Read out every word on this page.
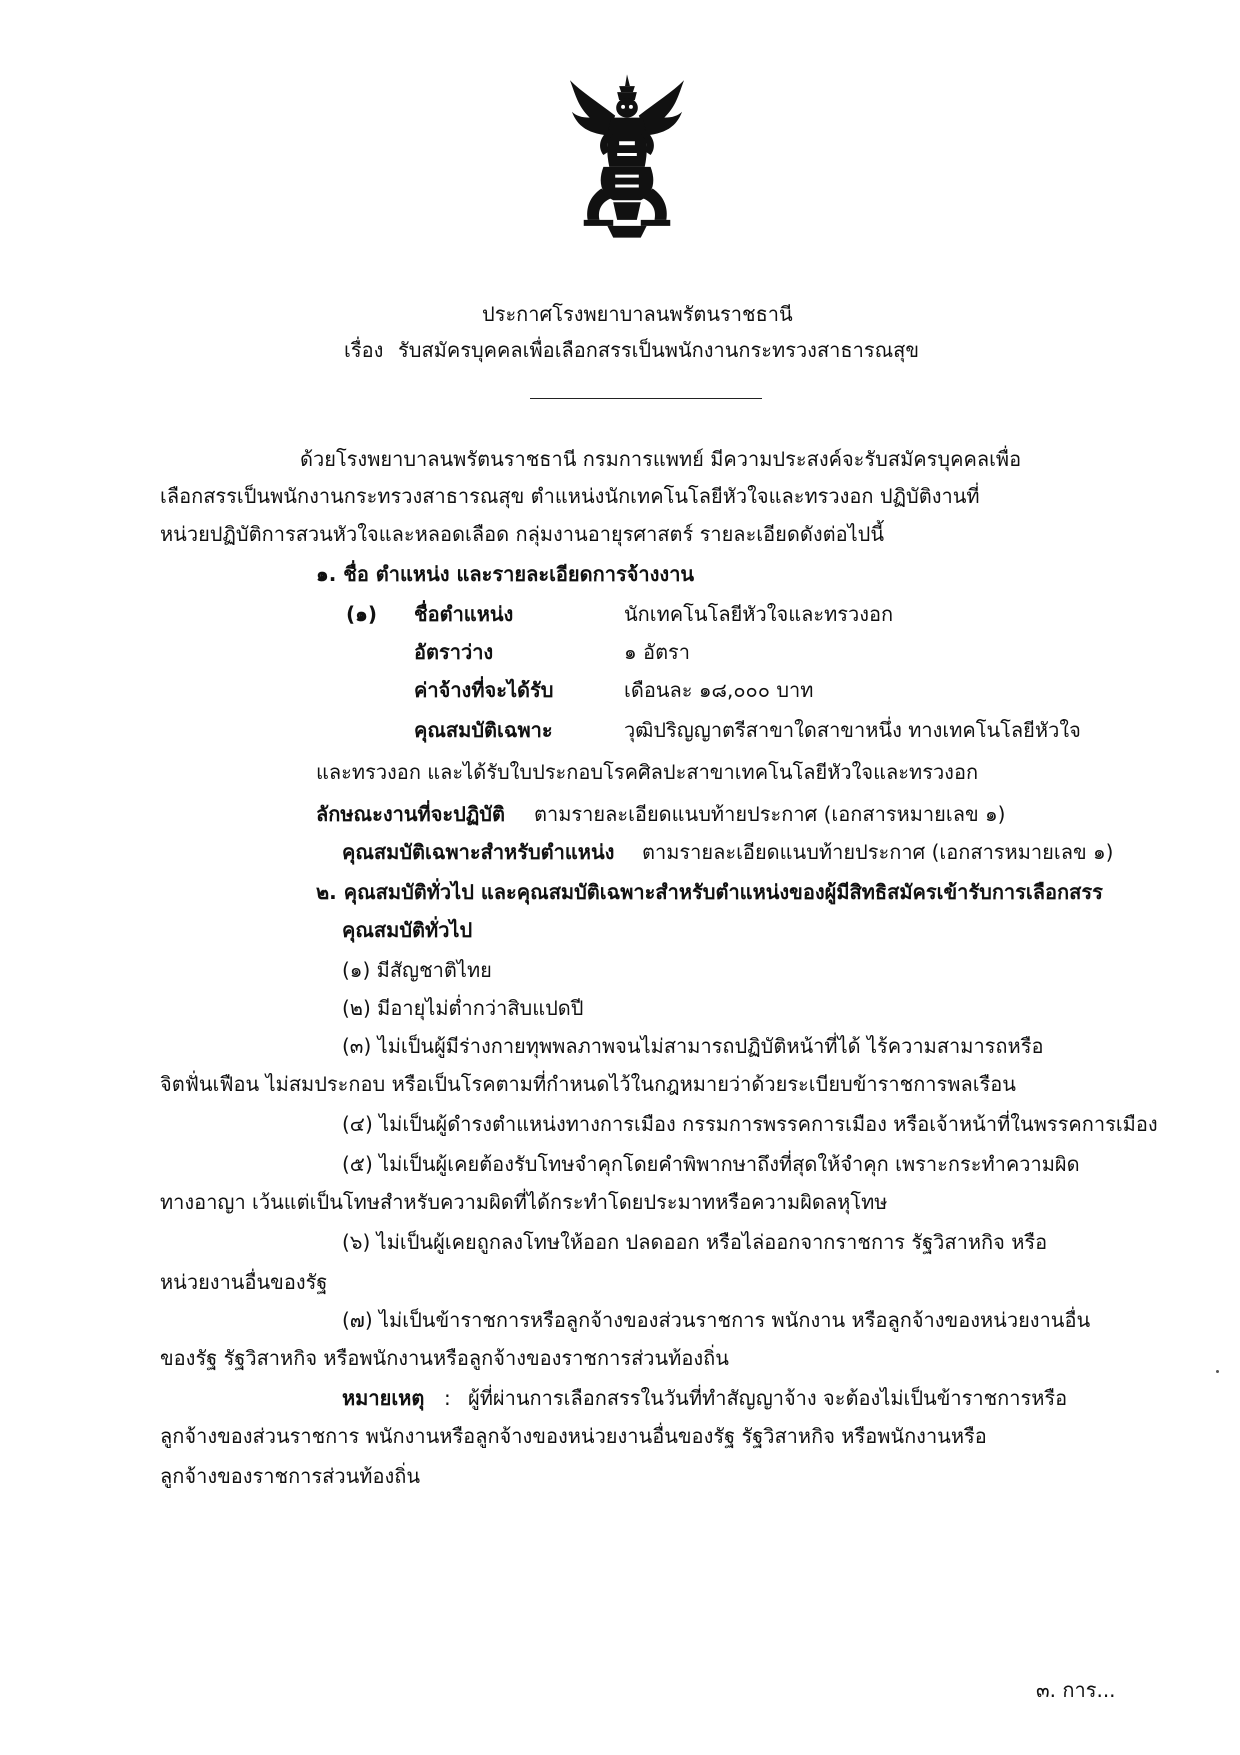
ประกาศโรงพยาบาลนพรัตนราชธานี
เรื่อง รับสมัครบุคคลเพื่อเลือกสรรเป็นพนักงานกระทรวงสาธารณสุข
ด้วยโรงพยาบาลนพรัตนราชธานี กรมการแพทย์ มีความประสงค์จะรับสมัครบุคคลเพื่อ
เลือกสรรเป็นพนักงานกระทรวงสาธารณสุข ตำแหน่งนักเทคโนโลยีหัวใจและทรวงอก ปฏิบัติงานที่
หน่วยปฏิบัติการสวนหัวใจและหลอดเลือด กลุ่มงานอายุรศาสตร์ รายละเอียดดังต่อไปนี้
๑. ชื่อ ตำแหน่ง และรายละเอียดการจ้างงาน
(๑) ชื่อตำแหน่ง	นักเทคโนโลยีหัวใจและทรวงอก
อัตราว่าง	๑ อัตรา
ค่าจ้างที่จะได้รับ	เดือนละ ๑๘,๐๐๐ บาท
คุณสมบัติเฉพาะ	วุฒิปริญญาตรีสาขาใดสาขาหนึ่ง ทางเทคโนโลยีหัวใจ
และทรวงอก และได้รับใบประกอบโรคศิลปะสาขาเทคโนโลยีหัวใจและทรวงอก
ลักษณะงานที่จะปฏิบัติ ตามรายละเอียดแนบท้ายประกาศ (เอกสารหมายเลข ๑)
คุณสมบัติเฉพาะสำหรับตำแหน่ง ตามรายละเอียดแนบท้ายประกาศ (เอกสารหมายเลข ๑)
๒. คุณสมบัติทั่วไป และคุณสมบัติเฉพาะสำหรับตำแหน่งของผู้มีสิทธิสมัครเข้ารับการเลือกสรร
คุณสมบัติทั่วไป
(๑) มีสัญชาติไทย
(๒) มีอายุไม่ต่ำกว่าสิบแปดปี
(๓) ไม่เป็นผู้มีร่างกายทุพพลภาพจนไม่สามารถปฏิบัติหน้าที่ได้ ไร้ความสามารถหรือ
จิตฟั่นเฟือน ไม่สมประกอบ หรือเป็นโรคตามที่กำหนดไว้ในกฎหมายว่าด้วยระเบียบข้าราชการพลเรือน
(๔) ไม่เป็นผู้ดำรงตำแหน่งทางการเมือง กรรมการพรรคการเมือง หรือเจ้าหน้าที่ในพรรคการเมือง
(๕) ไม่เป็นผู้เคยต้องรับโทษจำคุกโดยคำพิพากษาถึงที่สุดให้จำคุก เพราะกระทำความผิด
ทางอาญา เว้นแต่เป็นโทษสำหรับความผิดที่ได้กระทำโดยประมาทหรือความผิดลหุโทษ
(๖) ไม่เป็นผู้เคยถูกลงโทษให้ออก ปลดออก หรือไล่ออกจากราชการ รัฐวิสาหกิจ หรือ
หน่วยงานอื่นของรัฐ
(๗) ไม่เป็นข้าราชการหรือลูกจ้างของส่วนราชการ พนักงาน หรือลูกจ้างของหน่วยงานอื่น
ของรัฐ รัฐวิสาหกิจ หรือพนักงานหรือลูกจ้างของราชการส่วนท้องถิ่น
หมายเหตุ : ผู้ที่ผ่านการเลือกสรรในวันที่ทำสัญญาจ้าง จะต้องไม่เป็นข้าราชการหรือ
ลูกจ้างของส่วนราชการ พนักงานหรือลูกจ้างของหน่วยงานอื่นของรัฐ รัฐวิสาหกิจ หรือพนักงานหรือ
ลูกจ้างของราชการส่วนท้องถิ่น
๓. การ...
